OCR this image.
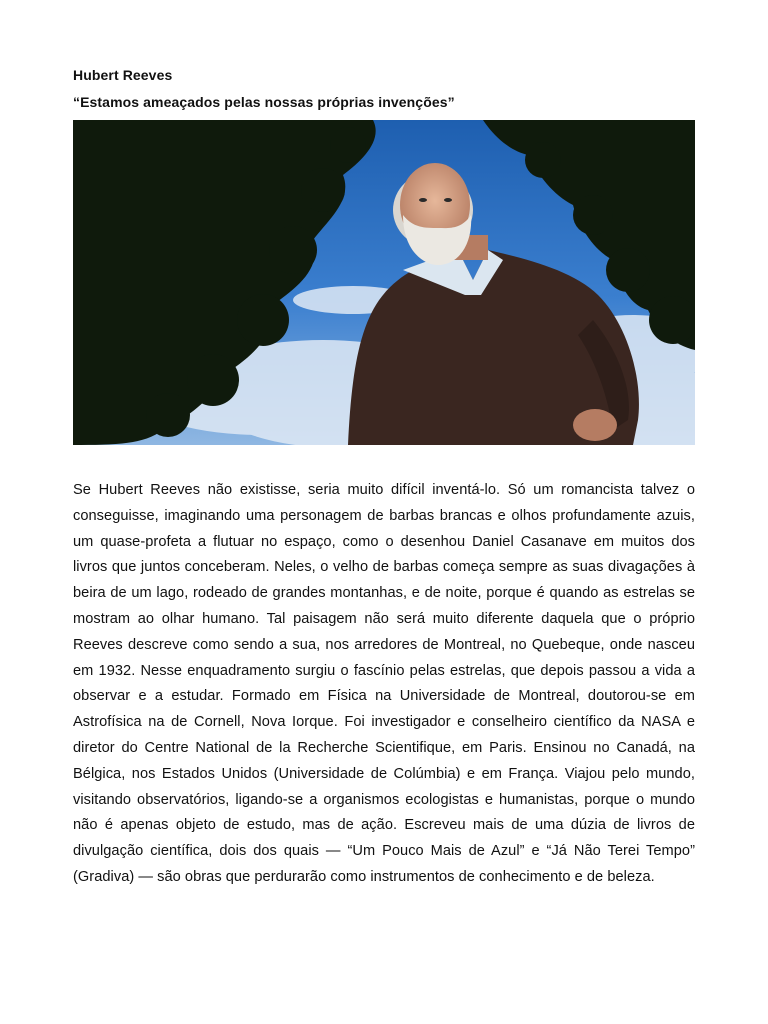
Hubert Reeves
“Estamos ameaçados pelas nossas próprias invenções”

Se Hubert Reeves não existisse, seria muito difícil inventá-lo. Só um romancista talvez o conseguisse, imaginando uma personagem de barbas brancas e olhos profundamente azuis, um quase-profeta a flutuar no espaço, como o desenhou Daniel Casanave em muitos dos livros que juntos conceberam. Neles, o velho de barbas começa sempre as suas divagações à beira de um lago, rodeado de grandes montanhas, e de noite, porque é quando as estrelas se mostram ao olhar humano. Tal paisagem não será muito diferente daquela que o próprio Reeves descreve como sendo a sua, nos arredores de Montreal, no Quebeque, onde nasceu em 1932. Nesse enquadramento surgiu o fascínio pelas estrelas, que depois passou a vida a observar e a estudar. Formado em Física na Universidade de Montreal, doutorou-se em Astrofísica na de Cornell, Nova Iorque. Foi investigador e conselheiro científico da NASA e diretor do Centre National de la Recherche Scientifique, em Paris. Ensinou no Canadá, na Bélgica, nos Estados Unidos (Universidade de Colúmbia) e em França. Viajou pelo mundo, visitando observatórios, ligando-se a organismos ecologistas e humanistas, porque o mundo não é apenas objeto de estudo, mas de ação. Escreveu mais de uma dúzia de livros de divulgação científica, dois dos quais — “Um Pouco Mais de Azul” e “Já Não Terei Tempo” (Gradiva) — são obras que perdurarão como instrumentos de conhecimento e de beleza.
